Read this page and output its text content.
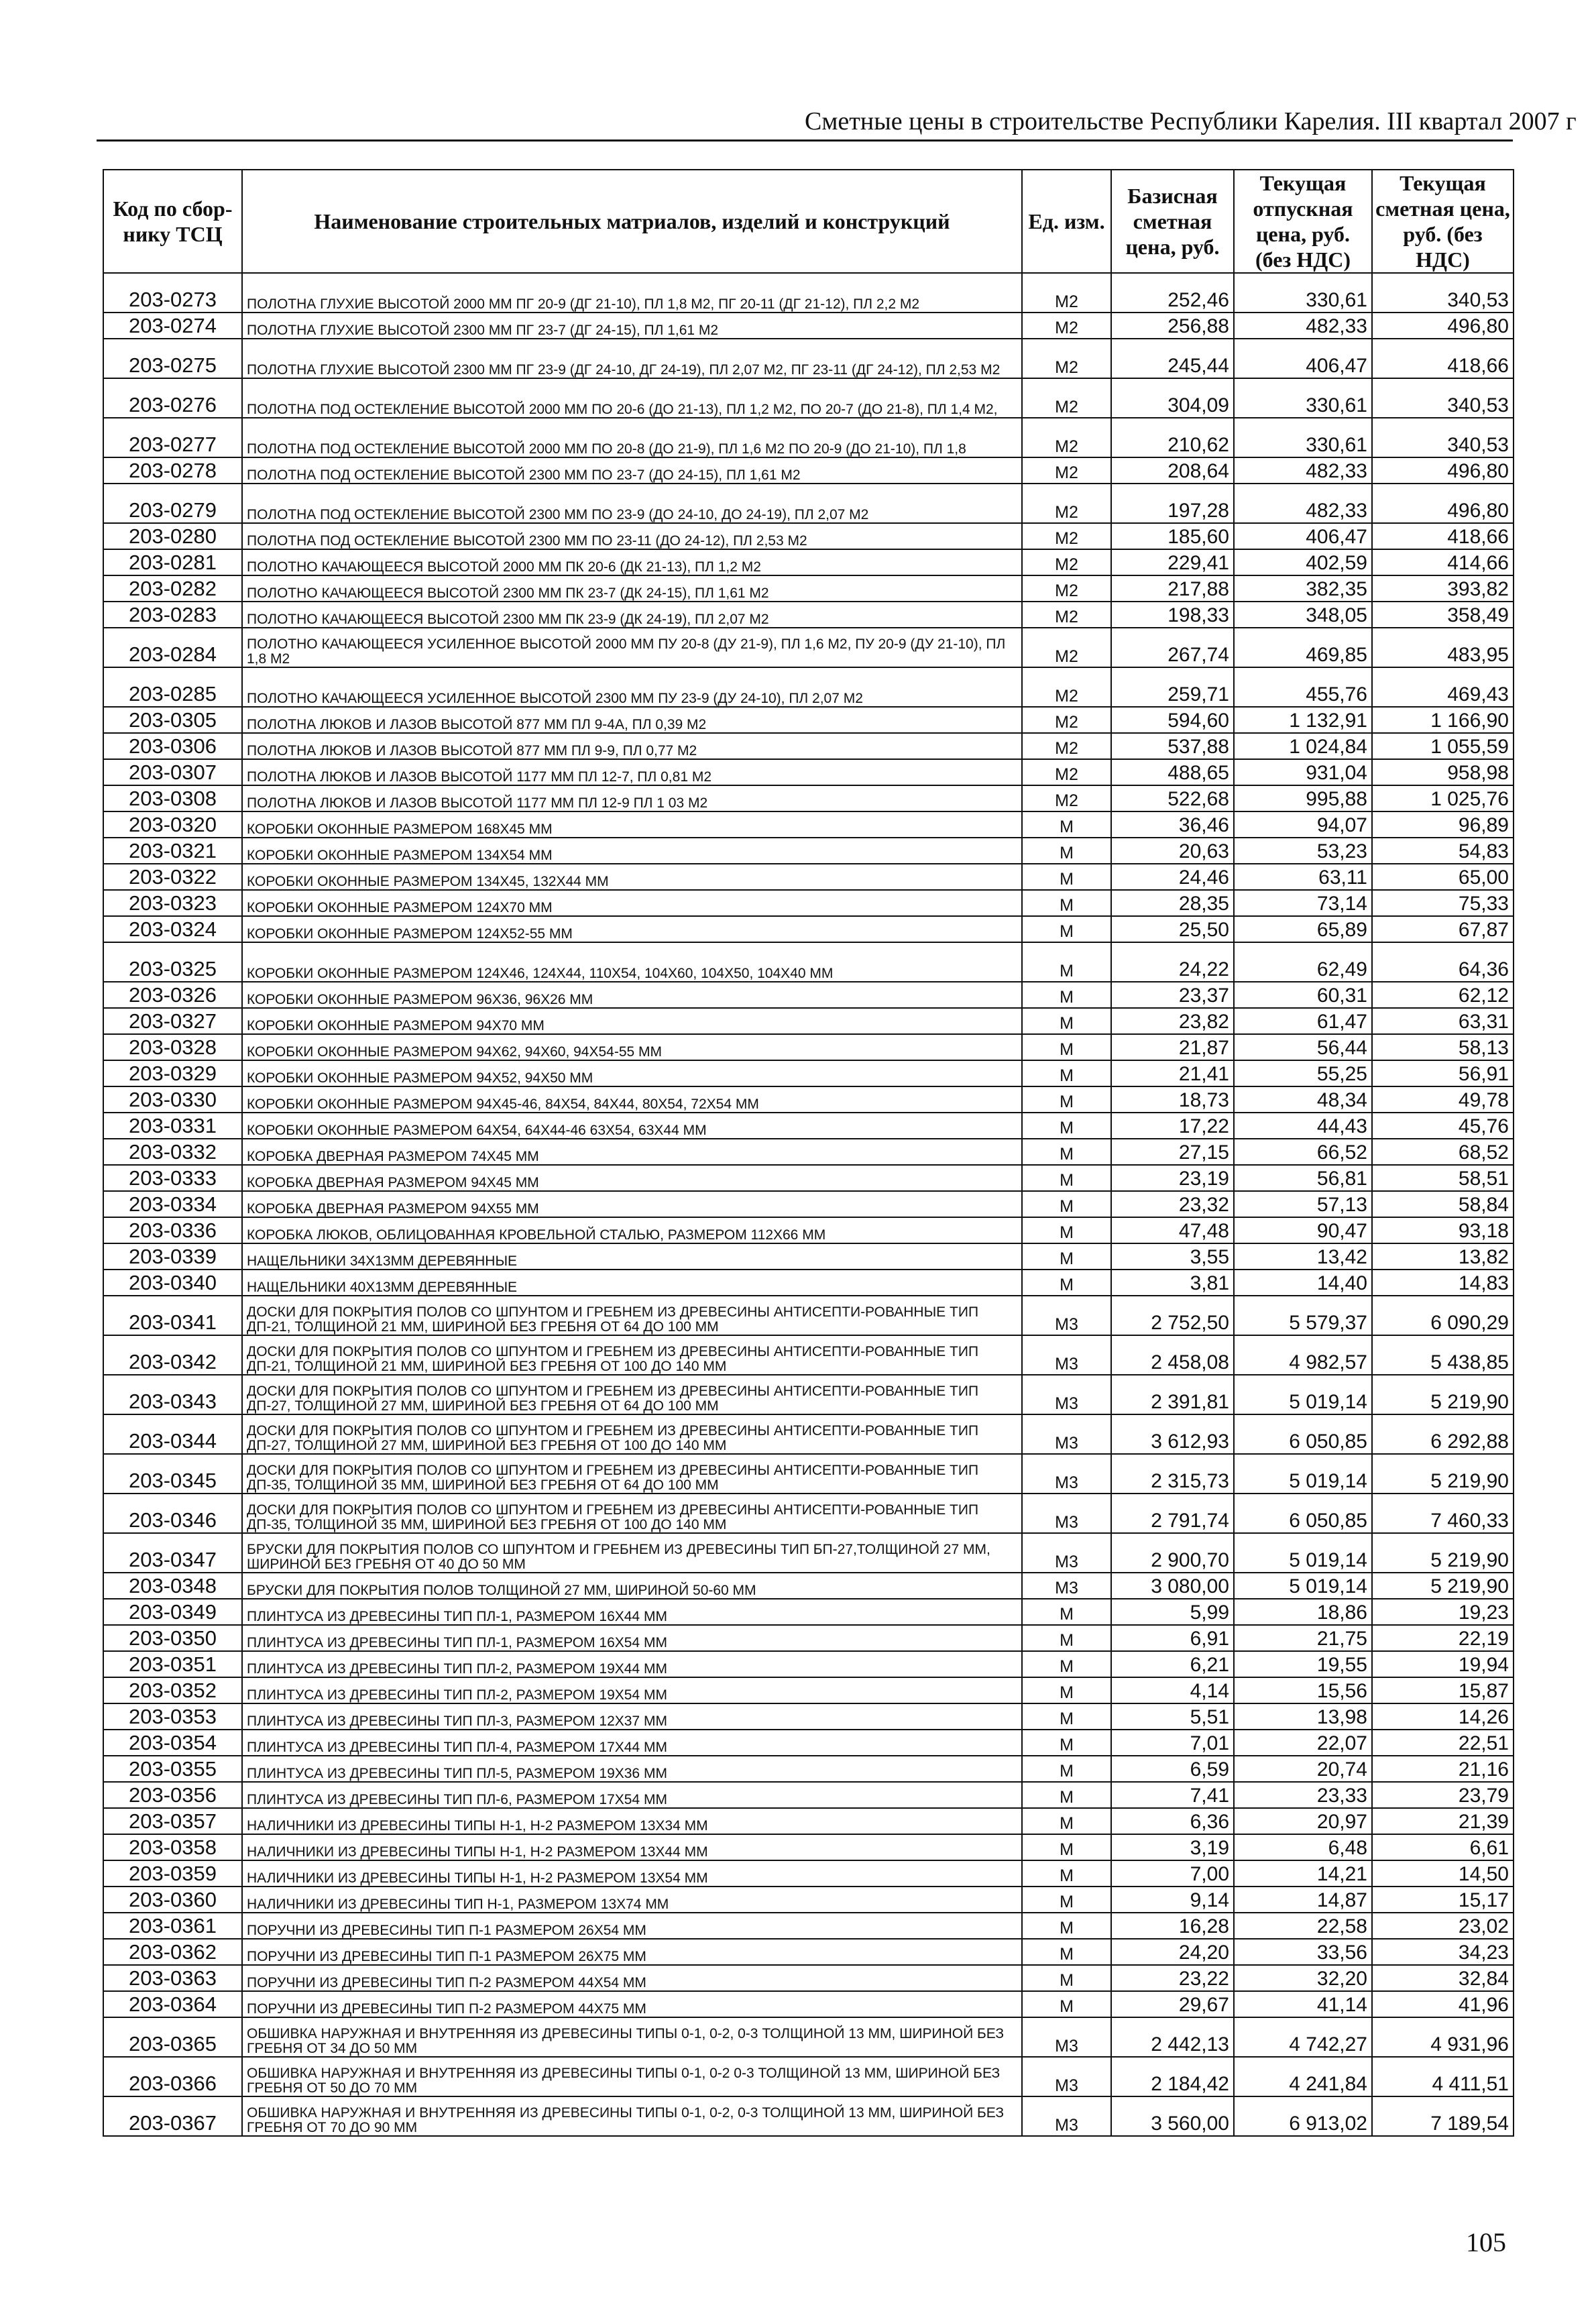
Сметные цены в строительстве Республики Карелия. III квартал 2007 г
Код по сбор-нику ТСЦ	Наименование строительных матриалов, изделий и конструкций	Ед. изм.	Базисная сметная цена, руб.	Текущая отпускная цена, руб. (без НДС)	Текущая сметная цена, руб. (без НДС)
203-0273	ПОЛОТНА ГЛУХИЕ ВЫСОТОЙ 2000 ММ ПГ 20-9 (ДГ 21-10), ПЛ 1,8 М2, ПГ 20-11 (ДГ 21-12), ПЛ 2,2 М2	М2	252,46	330,61	340,53
203-0274	ПОЛОТНА ГЛУХИЕ ВЫСОТОЙ 2300 ММ ПГ 23-7 (ДГ 24-15), ПЛ 1,61 М2	М2	256,88	482,33	496,80
203-0275	ПОЛОТНА ГЛУХИЕ ВЫСОТОЙ 2300 ММ ПГ 23-9 (ДГ 24-10, ДГ 24-19), ПЛ 2,07 М2, ПГ 23-11 (ДГ 24-12), ПЛ 2,53 М2	М2	245,44	406,47	418,66
203-0276	ПОЛОТНА ПОД ОСТЕКЛЕНИЕ ВЫСОТОЙ 2000 ММ ПО 20-6 (ДО 21-13), ПЛ 1,2 М2, ПО 20-7 (ДО 21-8), ПЛ 1,4 М2,	М2	304,09	330,61	340,53
203-0277	ПОЛОТНА ПОД ОСТЕКЛЕНИЕ ВЫСОТОЙ 2000 ММ ПО 20-8 (ДО 21-9), ПЛ 1,6 М2 ПО 20-9 (ДО 21-10), ПЛ 1,8	М2	210,62	330,61	340,53
203-0278	ПОЛОТНА ПОД ОСТЕКЛЕНИЕ ВЫСОТОЙ 2300 ММ ПО 23-7 (ДО 24-15), ПЛ 1,61 М2	М2	208,64	482,33	496,80
203-0279	ПОЛОТНА ПОД ОСТЕКЛЕНИЕ ВЫСОТОЙ 2300 ММ ПО 23-9 (ДО 24-10, ДО 24-19), ПЛ 2,07 М2	М2	197,28	482,33	496,80
203-0280	ПОЛОТНА ПОД ОСТЕКЛЕНИЕ ВЫСОТОЙ 2300 ММ ПО 23-11 (ДО 24-12), ПЛ 2,53 М2	М2	185,60	406,47	418,66
203-0281	ПОЛОТНО КАЧАЮЩЕЕСЯ ВЫСОТОЙ 2000 ММ ПК 20-6 (ДК 21-13), ПЛ 1,2 М2	М2	229,41	402,59	414,66
203-0282	ПОЛОТНО КАЧАЮЩЕЕСЯ ВЫСОТОЙ 2300 ММ ПК 23-7 (ДК 24-15), ПЛ 1,61 М2	М2	217,88	382,35	393,82
203-0283	ПОЛОТНО КАЧАЮЩЕЕСЯ ВЫСОТОЙ 2300 ММ ПК 23-9 (ДК 24-19), ПЛ 2,07 М2	М2	198,33	348,05	358,49
203-0284	ПОЛОТНО КАЧАЮЩЕЕСЯ УСИЛЕННОЕ ВЫСОТОЙ 2000 ММ ПУ 20-8 (ДУ 21-9), ПЛ 1,6 М2, ПУ 20-9 (ДУ 21-10), ПЛ 1,8 М2	М2	267,74	469,85	483,95
203-0285	ПОЛОТНО КАЧАЮЩЕЕСЯ УСИЛЕННОЕ ВЫСОТОЙ 2300 ММ ПУ 23-9 (ДУ 24-10), ПЛ 2,07 М2	М2	259,71	455,76	469,43
203-0305	ПОЛОТНА ЛЮКОВ И ЛАЗОВ ВЫСОТОЙ 877 ММ ПЛ 9-4А, ПЛ 0,39 М2	М2	594,60	1 132,91	1 166,90
203-0306	ПОЛОТНА ЛЮКОВ И ЛАЗОВ ВЫСОТОЙ 877 ММ ПЛ 9-9, ПЛ 0,77 М2	М2	537,88	1 024,84	1 055,59
203-0307	ПОЛОТНА ЛЮКОВ И ЛАЗОВ ВЫСОТОЙ 1177 ММ ПЛ 12-7, ПЛ 0,81 М2	М2	488,65	931,04	958,98
203-0308	ПОЛОТНА ЛЮКОВ И ЛАЗОВ ВЫСОТОЙ 1177 ММ ПЛ 12-9 ПЛ 1 03 М2	М2	522,68	995,88	1 025,76
203-0320	КОРОБКИ ОКОННЫЕ РАЗМЕРОМ 168Х45 ММ	М	36,46	94,07	96,89
203-0321	КОРОБКИ ОКОННЫЕ РАЗМЕРОМ 134Х54 ММ	М	20,63	53,23	54,83
203-0322	КОРОБКИ ОКОННЫЕ РАЗМЕРОМ 134Х45, 132Х44 ММ	М	24,46	63,11	65,00
203-0323	КОРОБКИ ОКОННЫЕ РАЗМЕРОМ 124Х70 ММ	М	28,35	73,14	75,33
203-0324	КОРОБКИ ОКОННЫЕ РАЗМЕРОМ 124Х52-55 ММ	М	25,50	65,89	67,87
203-0325	КОРОБКИ ОКОННЫЕ РАЗМЕРОМ 124Х46, 124Х44, 110Х54, 104Х60, 104Х50, 104Х40 ММ	М	24,22	62,49	64,36
203-0326	КОРОБКИ ОКОННЫЕ РАЗМЕРОМ 96Х36, 96Х26 ММ	М	23,37	60,31	62,12
203-0327	КОРОБКИ ОКОННЫЕ РАЗМЕРОМ 94Х70 ММ	М	23,82	61,47	63,31
203-0328	КОРОБКИ ОКОННЫЕ РАЗМЕРОМ 94Х62, 94Х60, 94Х54-55 ММ	М	21,87	56,44	58,13
203-0329	КОРОБКИ ОКОННЫЕ РАЗМЕРОМ 94Х52, 94Х50 ММ	М	21,41	55,25	56,91
203-0330	КОРОБКИ ОКОННЫЕ РАЗМЕРОМ 94Х45-46, 84Х54, 84Х44, 80Х54, 72Х54 ММ	М	18,73	48,34	49,78
203-0331	КОРОБКИ ОКОННЫЕ РАЗМЕРОМ 64Х54, 64Х44-46 63Х54, 63Х44 ММ	М	17,22	44,43	45,76
203-0332	КОРОБКА ДВЕРНАЯ РАЗМЕРОМ 74Х45 ММ	М	27,15	66,52	68,52
203-0333	КОРОБКА ДВЕРНАЯ РАЗМЕРОМ 94Х45 ММ	М	23,19	56,81	58,51
203-0334	КОРОБКА ДВЕРНАЯ РАЗМЕРОМ 94Х55 ММ	М	23,32	57,13	58,84
203-0336	КОРОБКА ЛЮКОВ, ОБЛИЦОВАННАЯ КРОВЕЛЬНОЙ СТАЛЬЮ, РАЗМЕРОМ 112Х66 ММ	М	47,48	90,47	93,18
203-0339	НАЩЕЛЬНИКИ 34Х13ММ ДЕРЕВЯННЫЕ	М	3,55	13,42	13,82
203-0340	НАЩЕЛЬНИКИ 40Х13ММ ДЕРЕВЯННЫЕ	М	3,81	14,40	14,83
203-0341	ДОСКИ ДЛЯ ПОКРЫТИЯ ПОЛОВ СО ШПУНТОМ И ГРЕБНЕМ ИЗ ДРЕВЕСИНЫ АНТИСЕПТИ-РОВАННЫЕ ТИП ДП-21, ТОЛЩИНОЙ 21 ММ, ШИРИНОЙ БЕЗ ГРЕБНЯ ОТ 64 ДО 100 ММ	М3	2 752,50	5 579,37	6 090,29
203-0342	ДОСКИ ДЛЯ ПОКРЫТИЯ ПОЛОВ СО ШПУНТОМ И ГРЕБНЕМ ИЗ ДРЕВЕСИНЫ АНТИСЕПТИ-РОВАННЫЕ ТИП ДП-21, ТОЛЩИНОЙ 21 ММ, ШИРИНОЙ БЕЗ ГРЕБНЯ ОТ 100 ДО 140 ММ	М3	2 458,08	4 982,57	5 438,85
203-0343	ДОСКИ ДЛЯ ПОКРЫТИЯ ПОЛОВ СО ШПУНТОМ И ГРЕБНЕМ ИЗ ДРЕВЕСИНЫ АНТИСЕПТИ-РОВАННЫЕ ТИП ДП-27, ТОЛЩИНОЙ 27 ММ, ШИРИНОЙ БЕЗ ГРЕБНЯ ОТ 64 ДО 100 ММ	М3	2 391,81	5 019,14	5 219,90
203-0344	ДОСКИ ДЛЯ ПОКРЫТИЯ ПОЛОВ СО ШПУНТОМ И ГРЕБНЕМ ИЗ ДРЕВЕСИНЫ АНТИСЕПТИ-РОВАННЫЕ ТИП ДП-27, ТОЛЩИНОЙ 27 ММ, ШИРИНОЙ БЕЗ ГРЕБНЯ ОТ 100 ДО 140 ММ	М3	3 612,93	6 050,85	6 292,88
203-0345	ДОСКИ ДЛЯ ПОКРЫТИЯ ПОЛОВ СО ШПУНТОМ И ГРЕБНЕМ ИЗ ДРЕВЕСИНЫ АНТИСЕПТИ-РОВАННЫЕ ТИП ДП-35, ТОЛЩИНОЙ 35 ММ, ШИРИНОЙ БЕЗ ГРЕБНЯ ОТ 64 ДО 100 ММ	М3	2 315,73	5 019,14	5 219,90
203-0346	ДОСКИ ДЛЯ ПОКРЫТИЯ ПОЛОВ СО ШПУНТОМ И ГРЕБНЕМ ИЗ ДРЕВЕСИНЫ АНТИСЕПТИ-РОВАННЫЕ ТИП ДП-35, ТОЛЩИНОЙ 35 ММ, ШИРИНОЙ БЕЗ ГРЕБНЯ ОТ 100 ДО 140 ММ	М3	2 791,74	6 050,85	7 460,33
203-0347	БРУСКИ ДЛЯ ПОКРЫТИЯ ПОЛОВ СО ШПУНТОМ И ГРЕБНЕМ ИЗ ДРЕВЕСИНЫ ТИП БП-27,ТОЛЩИНОЙ 27 ММ, ШИРИНОЙ БЕЗ ГРЕБНЯ ОТ 40 ДО 50 ММ	М3	2 900,70	5 019,14	5 219,90
203-0348	БРУСКИ ДЛЯ ПОКРЫТИЯ ПОЛОВ ТОЛЩИНОЙ 27 ММ, ШИРИНОЙ 50-60 ММ	М3	3 080,00	5 019,14	5 219,90
203-0349	ПЛИНТУСА ИЗ ДРЕВЕСИНЫ ТИП ПЛ-1, РАЗМЕРОМ 16Х44 ММ	М	5,99	18,86	19,23
203-0350	ПЛИНТУСА ИЗ ДРЕВЕСИНЫ ТИП ПЛ-1, РАЗМЕРОМ 16Х54 ММ	М	6,91	21,75	22,19
203-0351	ПЛИНТУСА ИЗ ДРЕВЕСИНЫ ТИП ПЛ-2, РАЗМЕРОМ 19Х44 ММ	М	6,21	19,55	19,94
203-0352	ПЛИНТУСА ИЗ ДРЕВЕСИНЫ ТИП ПЛ-2, РАЗМЕРОМ 19Х54 ММ	М	4,14	15,56	15,87
203-0353	ПЛИНТУСА ИЗ ДРЕВЕСИНЫ ТИП ПЛ-3, РАЗМЕРОМ 12Х37 ММ	М	5,51	13,98	14,26
203-0354	ПЛИНТУСА ИЗ ДРЕВЕСИНЫ ТИП ПЛ-4, РАЗМЕРОМ 17Х44 ММ	М	7,01	22,07	22,51
203-0355	ПЛИНТУСА ИЗ ДРЕВЕСИНЫ ТИП ПЛ-5, РАЗМЕРОМ 19Х36 ММ	М	6,59	20,74	21,16
203-0356	ПЛИНТУСА ИЗ ДРЕВЕСИНЫ ТИП ПЛ-6, РАЗМЕРОМ 17Х54 ММ	М	7,41	23,33	23,79
203-0357	НАЛИЧНИКИ ИЗ ДРЕВЕСИНЫ ТИПЫ Н-1, Н-2 РАЗМЕРОМ 13Х34 ММ	М	6,36	20,97	21,39
203-0358	НАЛИЧНИКИ ИЗ ДРЕВЕСИНЫ ТИПЫ Н-1, Н-2 РАЗМЕРОМ 13Х44 ММ	М	3,19	6,48	6,61
203-0359	НАЛИЧНИКИ ИЗ ДРЕВЕСИНЫ ТИПЫ Н-1, Н-2 РАЗМЕРОМ 13Х54 ММ	М	7,00	14,21	14,50
203-0360	НАЛИЧНИКИ ИЗ ДРЕВЕСИНЫ ТИП Н-1, РАЗМЕРОМ 13Х74 ММ	М	9,14	14,87	15,17
203-0361	ПОРУЧНИ ИЗ ДРЕВЕСИНЫ ТИП П-1 РАЗМЕРОМ 26Х54 ММ	М	16,28	22,58	23,02
203-0362	ПОРУЧНИ ИЗ ДРЕВЕСИНЫ ТИП П-1 РАЗМЕРОМ 26Х75 ММ	М	24,20	33,56	34,23
203-0363	ПОРУЧНИ ИЗ ДРЕВЕСИНЫ ТИП П-2 РАЗМЕРОМ 44Х54 ММ	М	23,22	32,20	32,84
203-0364	ПОРУЧНИ ИЗ ДРЕВЕСИНЫ ТИП П-2 РАЗМЕРОМ 44Х75 ММ	М	29,67	41,14	41,96
203-0365	ОБШИВКА НАРУЖНАЯ И ВНУТРЕННЯЯ ИЗ ДРЕВЕСИНЫ ТИПЫ 0-1, 0-2, 0-3 ТОЛЩИНОЙ 13 ММ, ШИРИНОЙ БЕЗ ГРЕБНЯ ОТ 34 ДО 50 ММ	М3	2 442,13	4 742,27	4 931,96
203-0366	ОБШИВКА НАРУЖНАЯ И ВНУТРЕННЯЯ ИЗ ДРЕВЕСИНЫ ТИПЫ 0-1, 0-2 0-3 ТОЛЩИНОЙ 13 ММ, ШИРИНОЙ БЕЗ ГРЕБНЯ ОТ 50 ДО 70 ММ	М3	2 184,42	4 241,84	4 411,51
203-0367	ОБШИВКА НАРУЖНАЯ И ВНУТРЕННЯЯ ИЗ ДРЕВЕСИНЫ ТИПЫ 0-1, 0-2, 0-3 ТОЛЩИНОЙ 13 ММ, ШИРИНОЙ БЕЗ ГРЕБНЯ ОТ 70 ДО 90 ММ	М3	3 560,00	6 913,02	7 189,54
105
